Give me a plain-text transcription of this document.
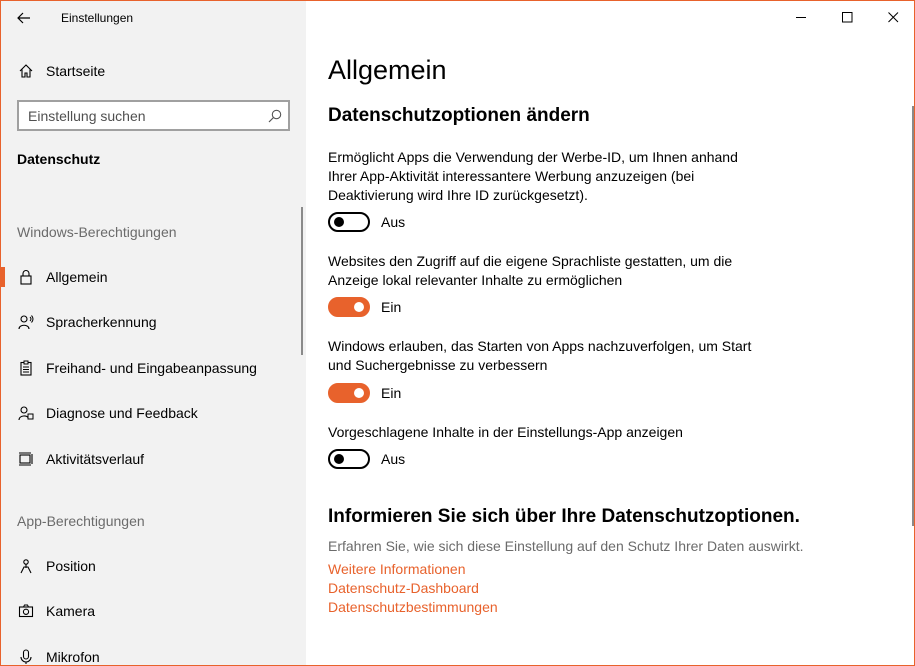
Einstellungen
Startseite
Einstellung suchen
Datenschutz
Windows-Berechtigungen
Allgemein
Spracherkennung
Freihand- und Eingabeanpassung
Diagnose und Feedback
Aktivitätsverlauf
App-Berechtigungen
Position
Kamera
Mikrofon
Allgemein
Datenschutzoptionen ändern

Ermöglicht Apps die Verwendung der Werbe-ID, um Ihnen anhand Ihrer App-Aktivität interessantere Werbung anzuzeigen (bei Deaktivierung wird Ihre ID zurückgesetzt).

Aus

Websites den Zugriff auf die eigene Sprachliste gestatten, um die Anzeige lokal relevanter Inhalte zu ermöglichen

Ein

Windows erlauben, das Starten von Apps nachzuverfolgen, um Start und Suchergebnisse zu verbessern

Ein

Vorgeschlagene Inhalte in der Einstellungs-App anzeigen

Aus
Informieren Sie sich über Ihre Datenschutzoptionen.

Erfahren Sie, wie sich diese Einstellung auf den Schutz Ihrer Daten auswirkt.

Weitere Informationen
Datenschutz-Dashboard
Datenschutzbestimmungen
